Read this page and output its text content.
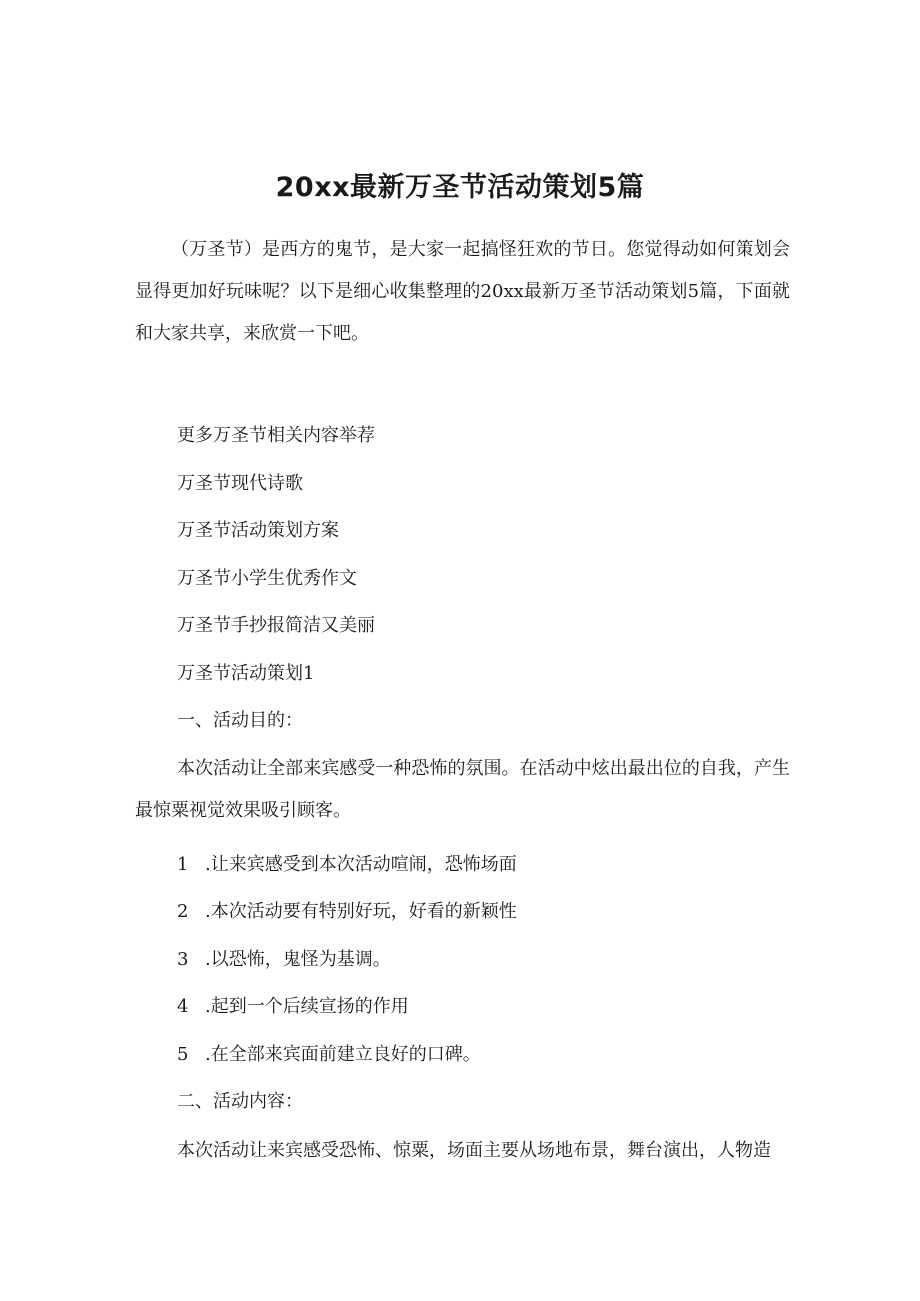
20xx最新万圣节活动策划5篇

（万圣节）是西方的鬼节，是大家一起搞怪狂欢的节日。您觉得动如何策划会显得更加好玩味呢？以下是细心收集整理的20xx最新万圣节活动策划5篇，下面就和大家共享，来欣赏一下吧。

更多万圣节相关内容举荐

万圣节现代诗歌

万圣节活动策划方案

万圣节小学生优秀作文

万圣节手抄报简洁又美丽

万圣节活动策划1

一、活动目的：

本次活动让全部来宾感受一种恐怖的氛围。在活动中炫出最出位的自我，产生最惊粟视觉效果吸引顾客。

1 .让来宾感受到本次活动喧闹，恐怖场面

2 .本次活动要有特别好玩，好看的新颖性

3 .以恐怖，鬼怪为基调。

4 .起到一个后续宣扬的作用

5 .在全部来宾面前建立良好的口碑。

二、活动内容：

本次活动让来宾感受恐怖、惊粟，场面主要从场地布景，舞台演出，人物造
